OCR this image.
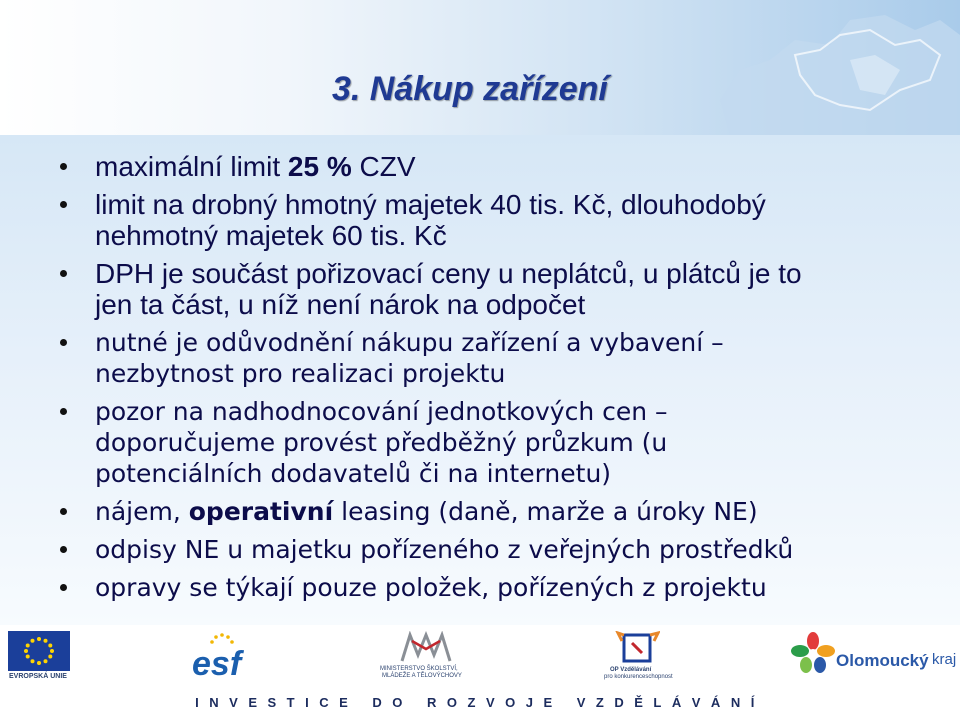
3. Nákup zařízení
maximální limit 25 % CZV
limit na drobný hmotný majetek 40 tis. Kč, dlouhodobý
nehmotný majetek 60 tis. Kč
DPH je součást pořizovací ceny u neplátců, u plátců je to
jen ta část, u níž není nárok na odpočet
nutné je odůvodnění nákupu zařízení a vybavení –
nezbytnost pro realizaci projektu
pozor na nadhodnocování jednotkových cen –
doporučujeme provést předběžný průzkum (u
potenciálních dodavatelů či na internetu)
nájem, operativní leasing (daně, marže a úroky NE)
odpisy NE u majetku pořízeného z veřejných prostředků
opravy se týkají pouze položek, pořízených z projektu
EVROPSKÁ UNIE	esf	MINISTERSTVO ŠKOLSTVÍ,
MLÁDEŽE A TĚLOVÝCHOVY
OP Vzdělávání
pro konkurenceschopnost
Olomoucký kraj
INVESTICE DO ROZVOJE VZDĚLÁVÁNÍ
